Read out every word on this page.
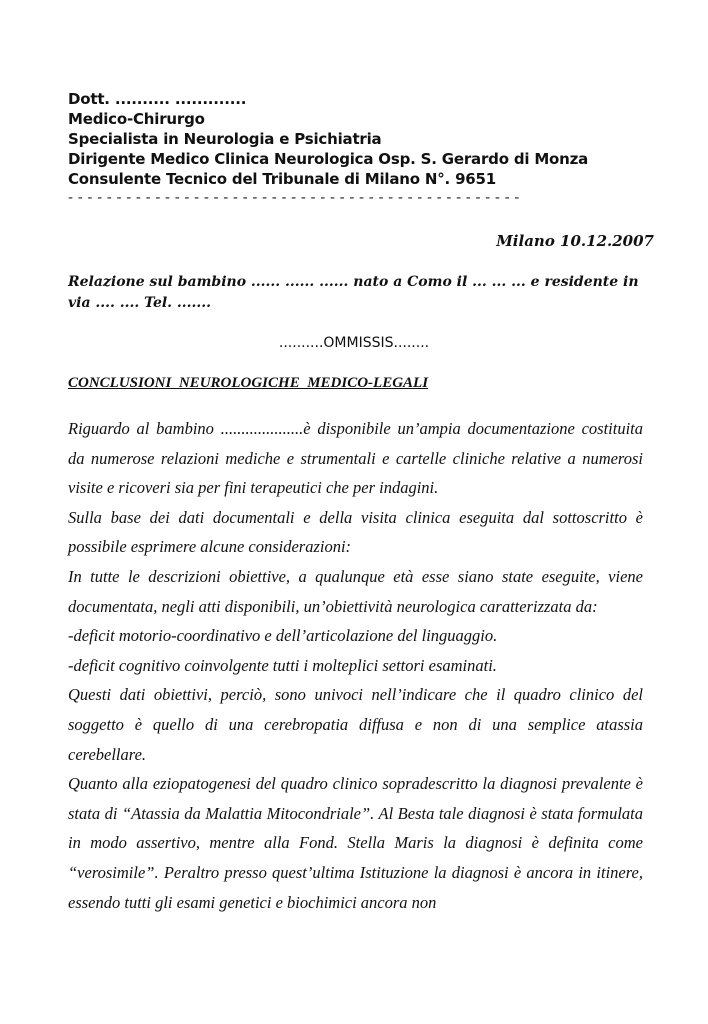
Dott. .......... .............
Medico-Chirurgo
Specialista in Neurologia e Psichiatria
Dirigente Medico Clinica Neurologica Osp. S. Gerardo di Monza
Consulente Tecnico del Tribunale di Milano N°. 9651
- - - - - - - - - - - - - - - - - - - - - - - - - - - - - - - - - - - - - - - - - - - - - - -
Milano 10.12.2007
Relazione sul bambino ...... ...... ...... nato a Como il ... ... ... e residente in via .... .... Tel. .......
..........OMMISSIS........
CONCLUSIONI  NEUROLOGICHE  MEDICO-LEGALI

Riguardo al bambino ....................è disponibile un’ampia documentazione costituita da numerose relazioni mediche e strumentali e cartelle cliniche relative a numerosi visite e ricoveri sia per fini terapeutici che per indagini.

Sulla base dei dati documentali e della visita clinica eseguita dal sottoscritto è possibile esprimere alcune considerazioni:

In tutte le descrizioni obiettive, a qualunque età esse siano state eseguite, viene documentata, negli atti disponibili, un’obiettività neurologica caratterizzata da:

-deficit motorio-coordinativo e dell’articolazione del linguaggio.

-deficit cognitivo coinvolgente tutti i molteplici settori esaminati.

Questi dati obiettivi, perciò, sono univoci nell’indicare che il quadro clinico del soggetto è quello di una cerebropatia diffusa e non di una semplice atassia cerebellare.

Quanto alla eziopatogenesi del quadro clinico sopradescritto la diagnosi prevalente è stata di “Atassia da Malattia Mitocondriale”. Al Besta tale diagnosi è stata formulata in modo assertivo, mentre alla Fond. Stella Maris la diagnosi è definita come “verosimile”. Peraltro presso quest’ultima Istituzione la diagnosi è ancora in itinere, essendo tutti gli esami genetici e biochimici ancora non
